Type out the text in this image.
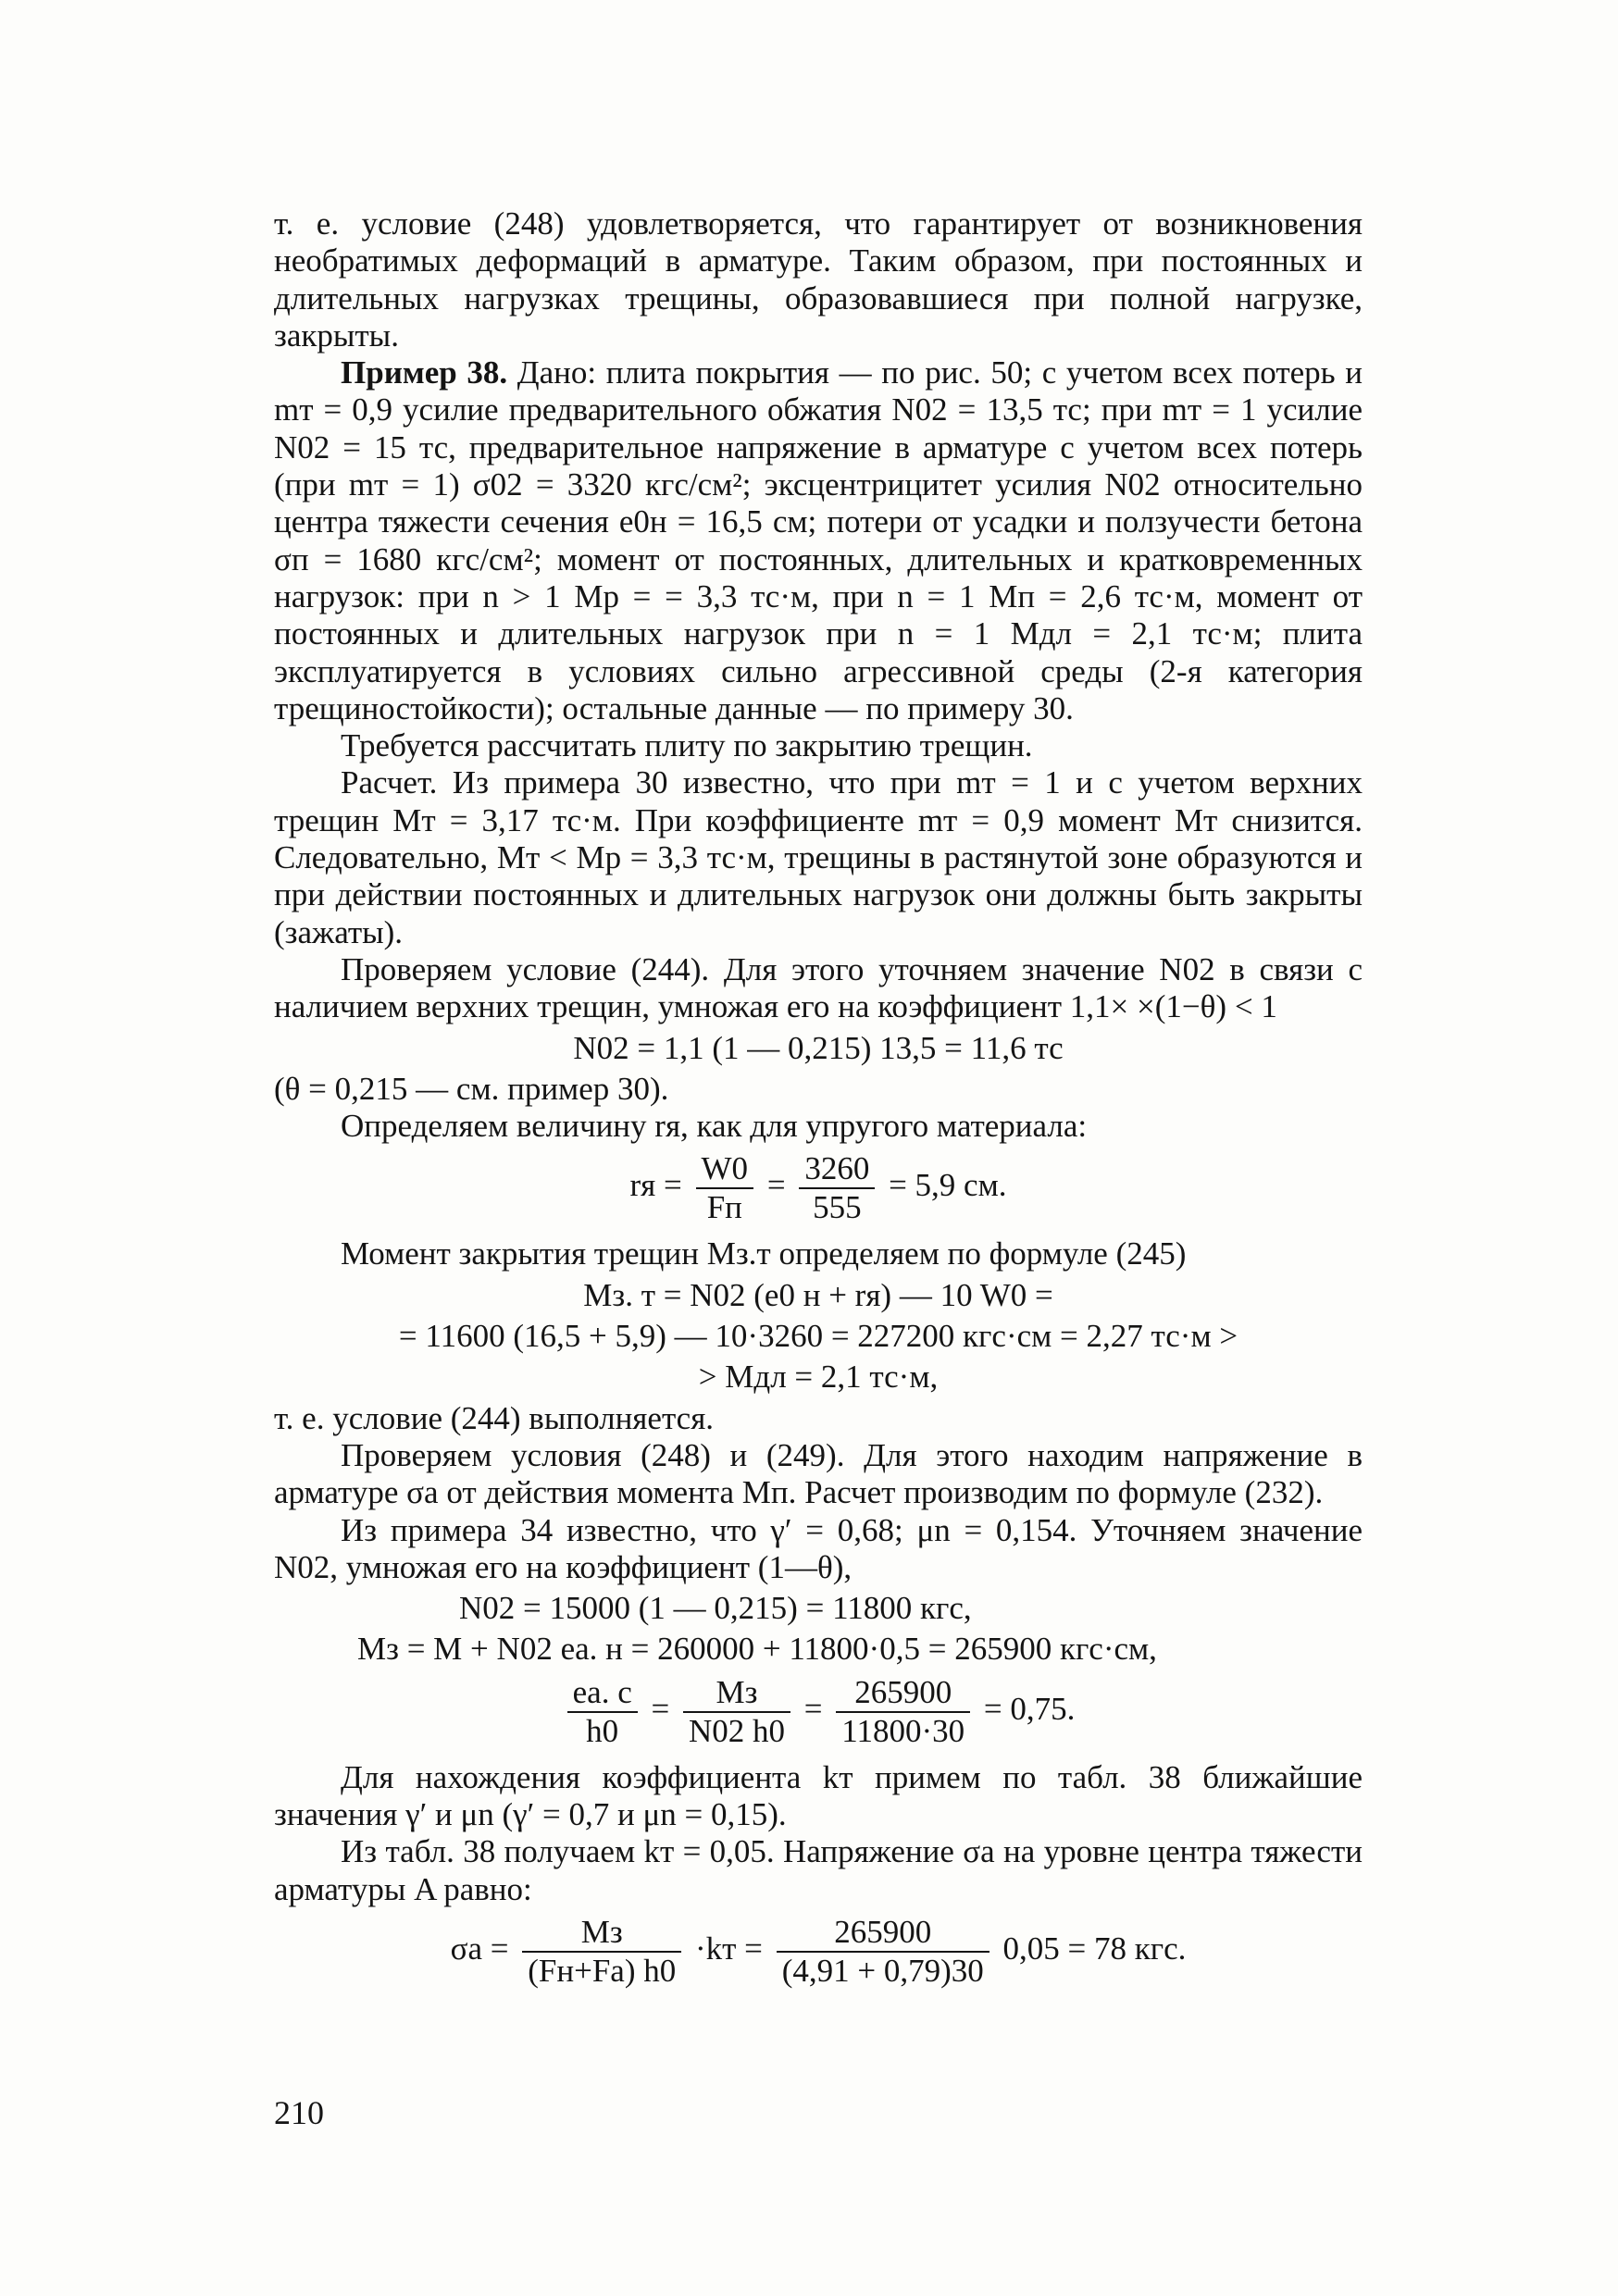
т. е. условие (248) удовлетворяется, что гарантирует от возникновения необратимых деформаций в арматуре. Таким образом, при постоянных и длительных нагрузках трещины, образовавшиеся при полной нагрузке, закрыты.

Пример 38. Дано: плита покрытия — по рис. 50; с учетом всех потерь и mт = 0,9 усилие предварительного обжатия N02 = 13,5 тс; при mт = 1 усилие N02 = 15 тс, предварительное напряжение в арматуре с учетом всех потерь (при mт = 1) σ02 = 3320 кгс/см²; эксцентрицитет усилия N02 относительно центра тяжести сечения e0н = 16,5 см; потери от усадки и ползучести бетона σп = 1680 кгс/см²; момент от постоянных, длительных и кратковременных нагрузок: при n > 1 Mр = = 3,3 тс·м, при n = 1 Mп = 2,6 тс·м, момент от постоянных и длительных нагрузок при n = 1 Mдл = 2,1 тс·м; плита эксплуатируется в условиях сильно агрессивной среды (2-я категория трещиностойкости); остальные данные — по примеру 30.

Требуется рассчитать плиту по закрытию трещин.

Расчет. Из примера 30 известно, что при mт = 1 и с учетом верхних трещин Mт = 3,17 тс·м. При коэффициенте mт = 0,9 момент Mт снизится. Следовательно, Mт < Mр = 3,3 тс·м, трещины в растянутой зоне образуются и при действии постоянных и длительных нагрузок они должны быть закрыты (зажаты).

Проверяем условие (244). Для этого уточняем значение N02 в связи с наличием верхних трещин, умножая его на коэффициент 1,1× ×(1−θ) < 1

N02 = 1,1 (1 — 0,215) 13,5 = 11,6 тс

(θ = 0,215 — см. пример 30).

Определяем величину rя, как для упругого материала:

rя = $\frac{W0}{Fп} = \frac{3260}{555} = 5,9$ см.

Момент закрытия трещин Mз.т определяем по формуле (245)

Mз. т = N02 (e0 н + rя) — 10 W0 =
= 11600 (16,5 + 5,9) — 10·3260 = 227200 кгс·см = 2,27 тс·м >
> Mдл = 2,1 тс·м,

т. е. условие (244) выполняется.

Проверяем условия (248) и (249). Для этого находим напряжение в арматуре σа от действия момента Mп. Расчет производим по формуле (232).

Из примера 34 известно, что γ′ = 0,68; μn = 0,154. Уточняем значение N02, умножая его на коэффициент (1—θ),

N02 = 15000 (1 — 0,215) = 11800 кгс,
Mз = M + N02 eа. н = 260000 + 11800·0,5 = 265900 кгс·см,
$\frac{eа. с}{h0} = \frac{Mз}{N02 h0} = \frac{265900}{11800\cdot 30} = 0,75$.

Для нахождения коэффициента kт примем по табл. 38 ближайшие значения γ′ и μn (γ′ = 0,7 и μn = 0,15).

Из табл. 38 получаем kт = 0,05. Напряжение σа на уровне центра тяжести арматуры A равно:

$\sigma а = \frac{Mз}{(Fн+Fа) h0} \cdot kт = \frac{265900}{(4,91 + 0,79)30} 0,05 = 78$ кгс.
210
